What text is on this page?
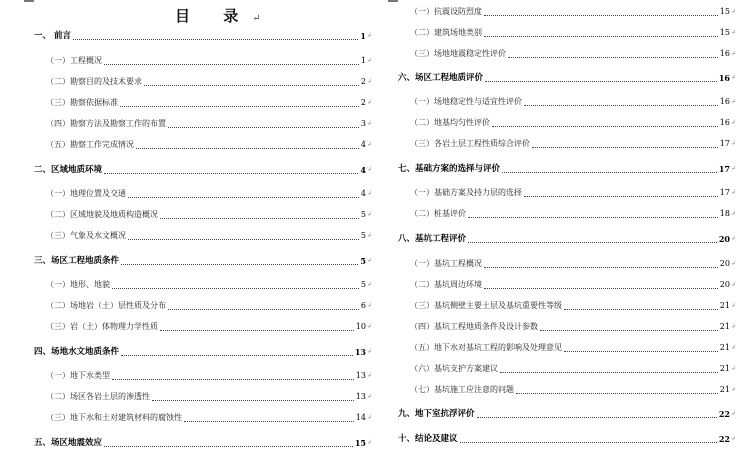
目 录↵
一、 前言	1 ↲
（一）工程概况	1 ↲
（二）勘察目的及技术要求	2 ↲
（三）勘察依据标准	2 ↲
（四）勘察方法及勘察工作的布置	3 ↲
（五）勘察工作完成情况	4 ↲
二、区域地质环境	4 ↲
（一）地理位置及交通	4 ↲
（二）区域地貌及地质构造概况	5 ↲
（三）气象及水文概况	5 ↲
三、场区工程地质条件	5 ↲
（一）地形、地貌	5 ↲
（二）场地岩（土）层性质及分布	6 ↲
（三）岩（土）体物理力学性质	10 ↲
四、场地水文地质条件	13 ↲
（一）地下水类型	13 ↲
（二）场区各岩土层的渗透性	13 ↲
（三）地下水和土对建筑材料的腐蚀性	14 ↲
五、场区地震效应	15 ↲
（一）抗震设防烈度	15 ↲
（二）建筑场地类别	15 ↲
（三）场地地震稳定性评价	16 ↲
六、场区工程地质评价	16 ↲
（一）场地稳定性与适宜性评价	16 ↲
（二）地基均匀性评价	16 ↲
（三）各岩土层工程性质综合评价	17 ↲
七、基础方案的选择与评价	17 ↲
（一）基础方案及持力层的选择	17 ↲
（二）桩基评价	18 ↲
八、基坑工程评价	20 ↲
（一）基坑工程概况	20 ↲
（二）基坑周边环境	20 ↲
（三）基坑侧壁主要土层及基坑重要性等级	21 ↲
（四）基坑工程地质条件及设计参数	21 ↲
（五）地下水对基坑工程的影响及处理意见	21 ↲
（六）基坑支护方案建议	21 ↲
（七）基坑施工应注意的问题	21 ↲
九、地下室抗浮评价	22 ↲
十、结论及建议	22 ↲
